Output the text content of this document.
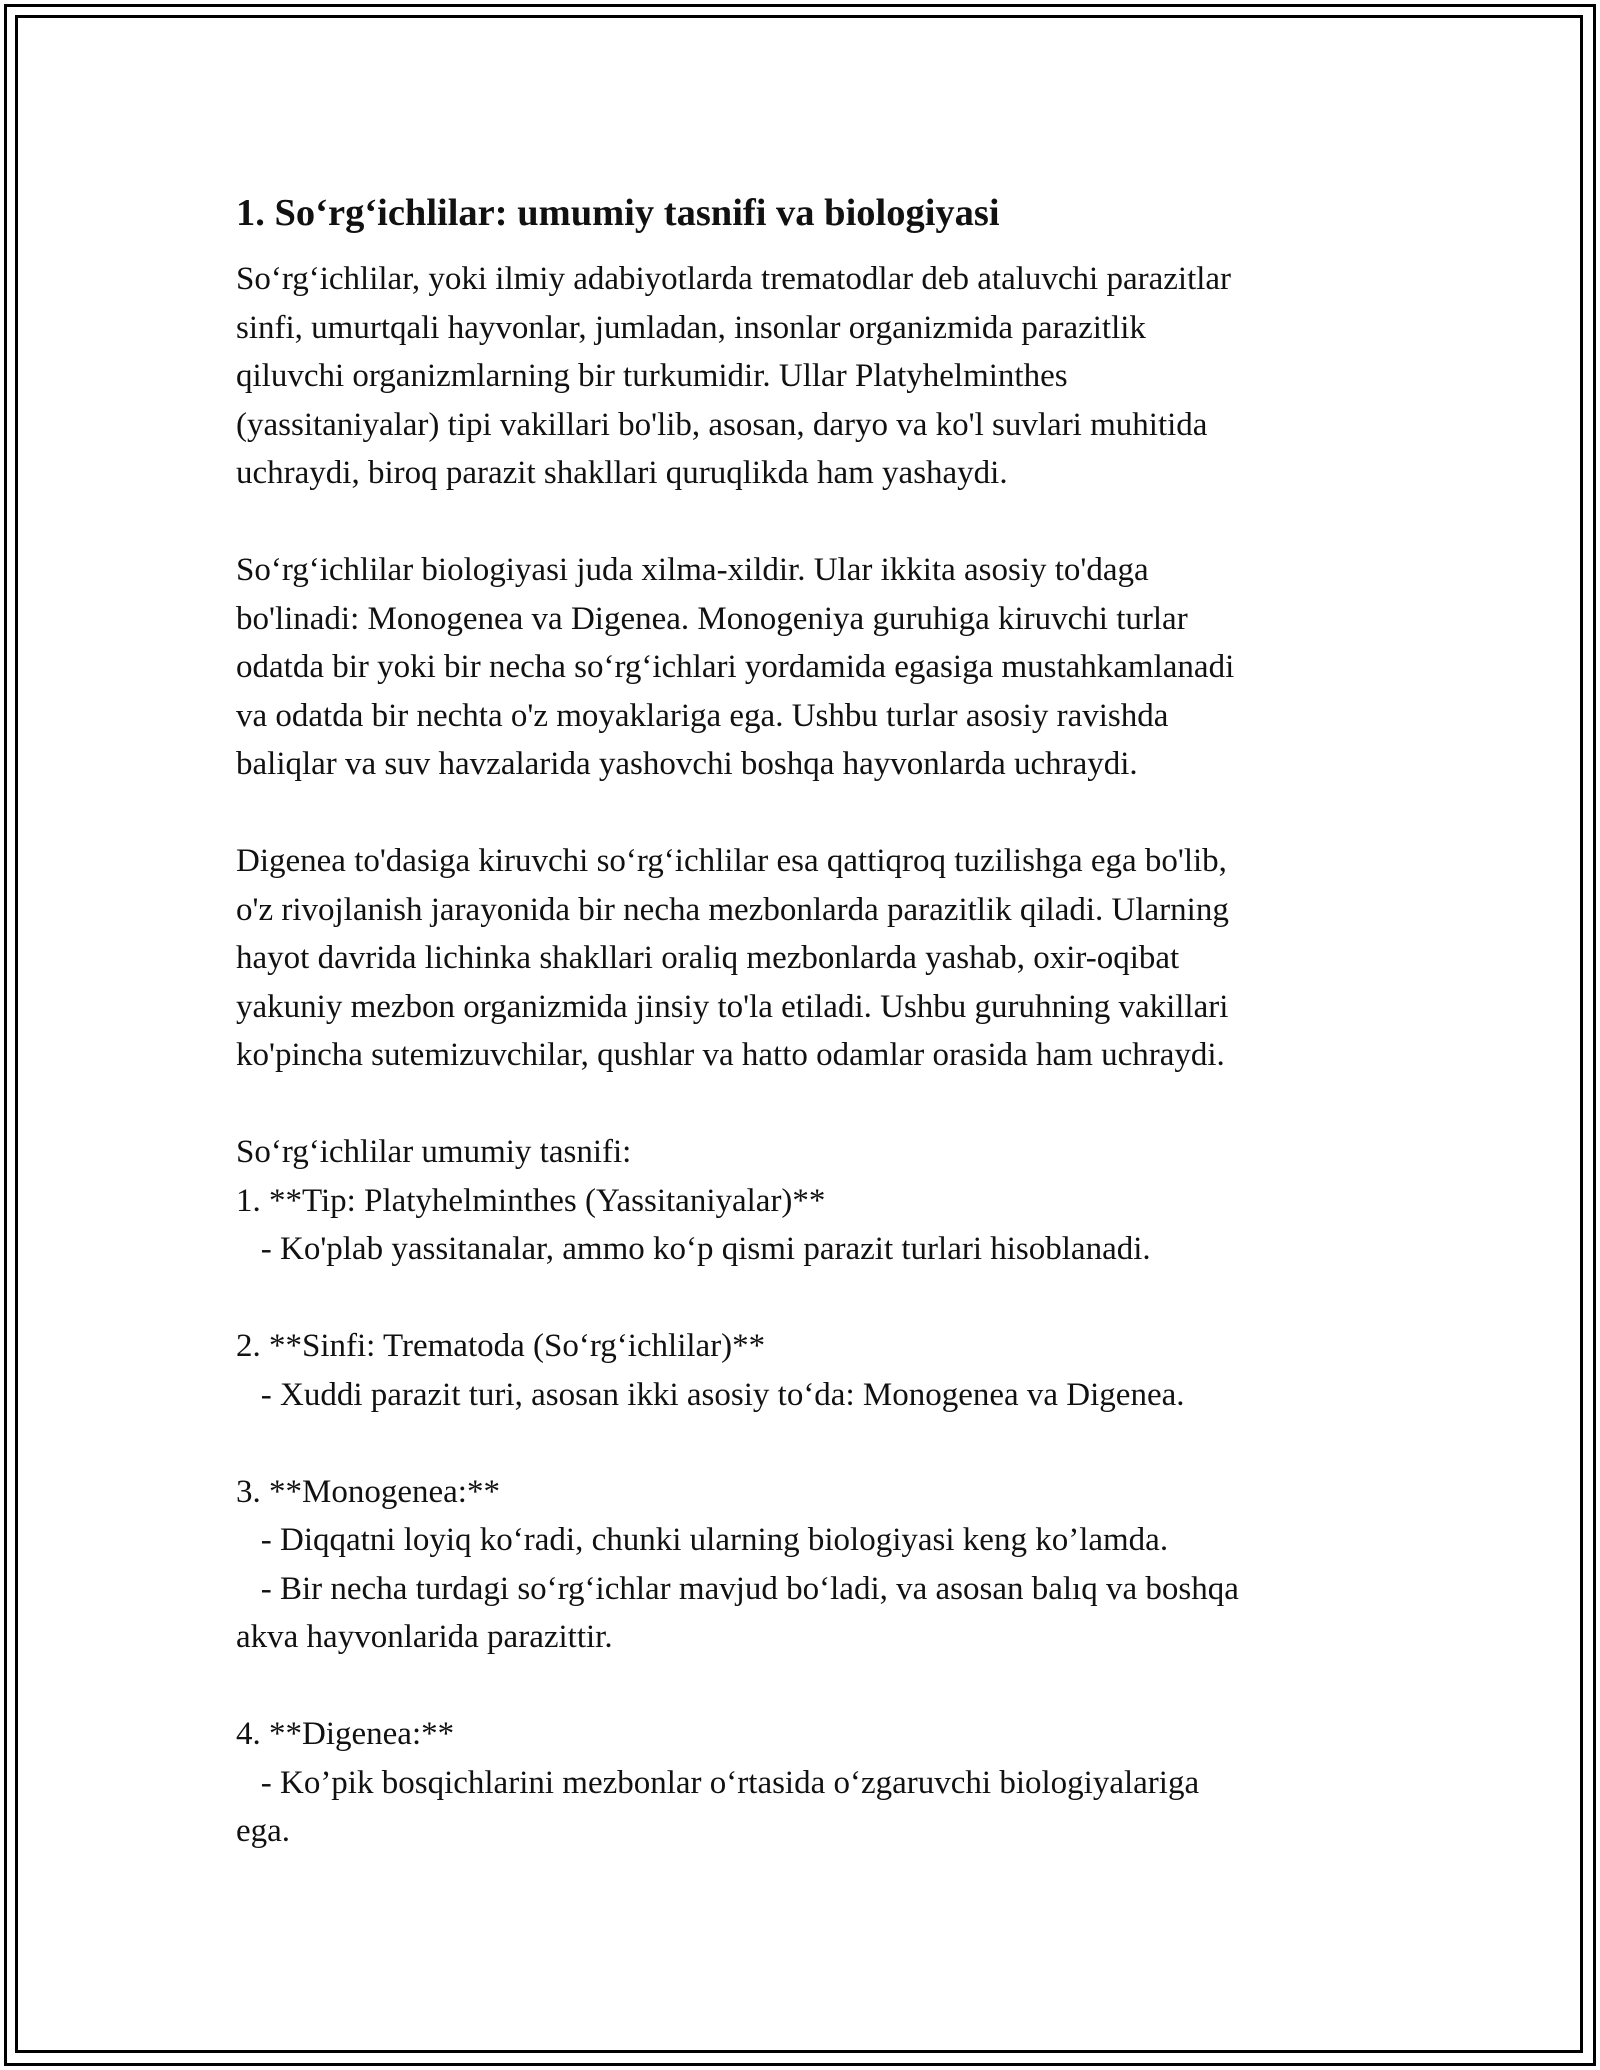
1. So‘rg‘ichlilar: umumiy tasnifi va biologiyasi
So‘rg‘ichlilar, yoki ilmiy adabiyotlarda trematodlar deb ataluvchi parazitlar
sinfi, umurtqali hayvonlar, jumladan, insonlar organizmida parazitlik
qiluvchi organizmlarning bir turkumidir. Ullar Platyhelminthes
(yassitaniyalar) tipi vakillari bo'lib, asosan, daryo va ko'l suvlari muhitida
uchraydi, biroq parazit shakllari quruqlikda ham yashaydi.
So‘rg‘ichlilar biologiyasi juda xilma-xildir. Ular ikkita asosiy to'daga
bo'linadi: Monogenea va Digenea. Monogeniya guruhiga kiruvchi turlar
odatda bir yoki bir necha so‘rg‘ichlari yordamida egasiga mustahkamlanadi
va odatda bir nechta o'z moyaklariga ega. Ushbu turlar asosiy ravishda
baliqlar va suv havzalarida yashovchi boshqa hayvonlarda uchraydi.
Digenea to'dasiga kiruvchi so‘rg‘ichlilar esa qattiqroq tuzilishga ega bo'lib,
o'z rivojlanish jarayonida bir necha mezbonlarda parazitlik qiladi. Ularning
hayot davrida lichinka shakllari oraliq mezbonlarda yashab, oxir-oqibat
yakuniy mezbon organizmida jinsiy to'la etiladi. Ushbu guruhning vakillari
ko'pincha sutemizuvchilar, qushlar va hatto odamlar orasida ham uchraydi.
So‘rg‘ichlilar umumiy tasnifi:
1. **Tip: Platyhelminthes (Yassitaniyalar)**
- Ko'plab yassitanalar, ammo ko‘p qismi parazit turlari hisoblanadi.
2. **Sinfi: Trematoda (So‘rg‘ichlilar)**
- Xuddi parazit turi, asosan ikki asosiy to‘da: Monogenea va Digenea.
3. **Monogenea:**
- Diqqatni loyiq ko‘radi, chunki ularning biologiyasi keng ko’lamda.
- Bir necha turdagi so‘rg‘ichlar mavjud bo‘ladi, va asosan balıq va boshqa
akva hayvonlarida parazittir.
4. **Digenea:**
- Ko’pik bosqichlarini mezbonlar o‘rtasida o‘zgaruvchi biologiyalariga
ega.
